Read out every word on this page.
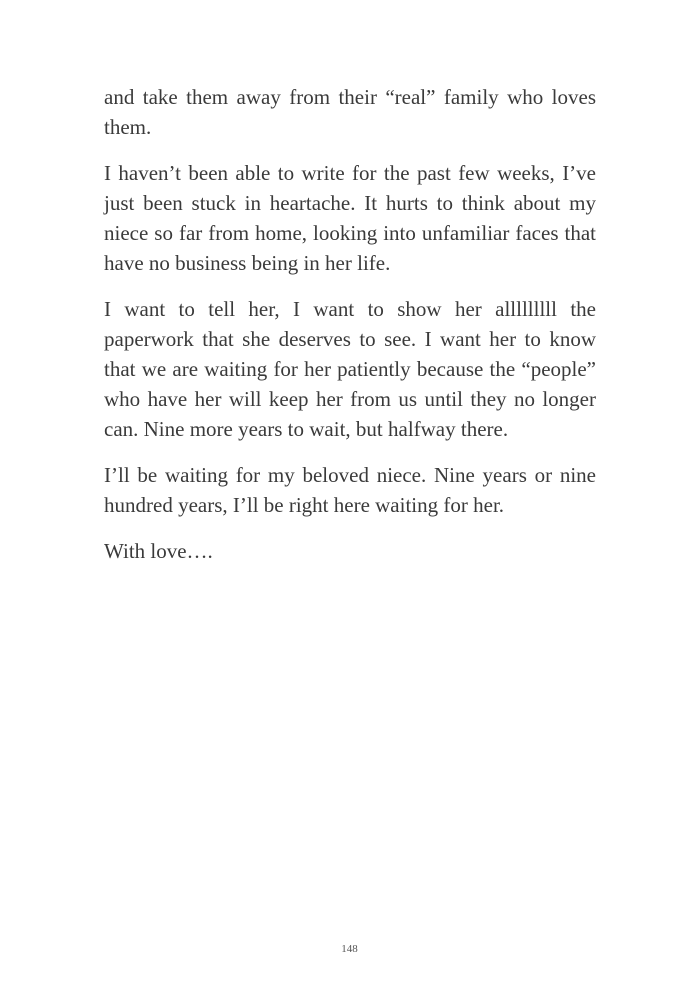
and take them away from their “real” family who loves them.

I haven’t been able to write for the past few weeks, I’ve just been stuck in heartache. It hurts to think about my niece so far from home, looking into unfamiliar faces that have no business being in her life.

I want to tell her, I want to show her alllllllll the paperwork that she deserves to see. I want her to know that we are waiting for her patiently because the “people” who have her will keep her from us until they no longer can. Nine more years to wait, but halfway there.

I’ll be waiting for my beloved niece. Nine years or nine hundred years, I’ll be right here waiting for her.

With love….

148
